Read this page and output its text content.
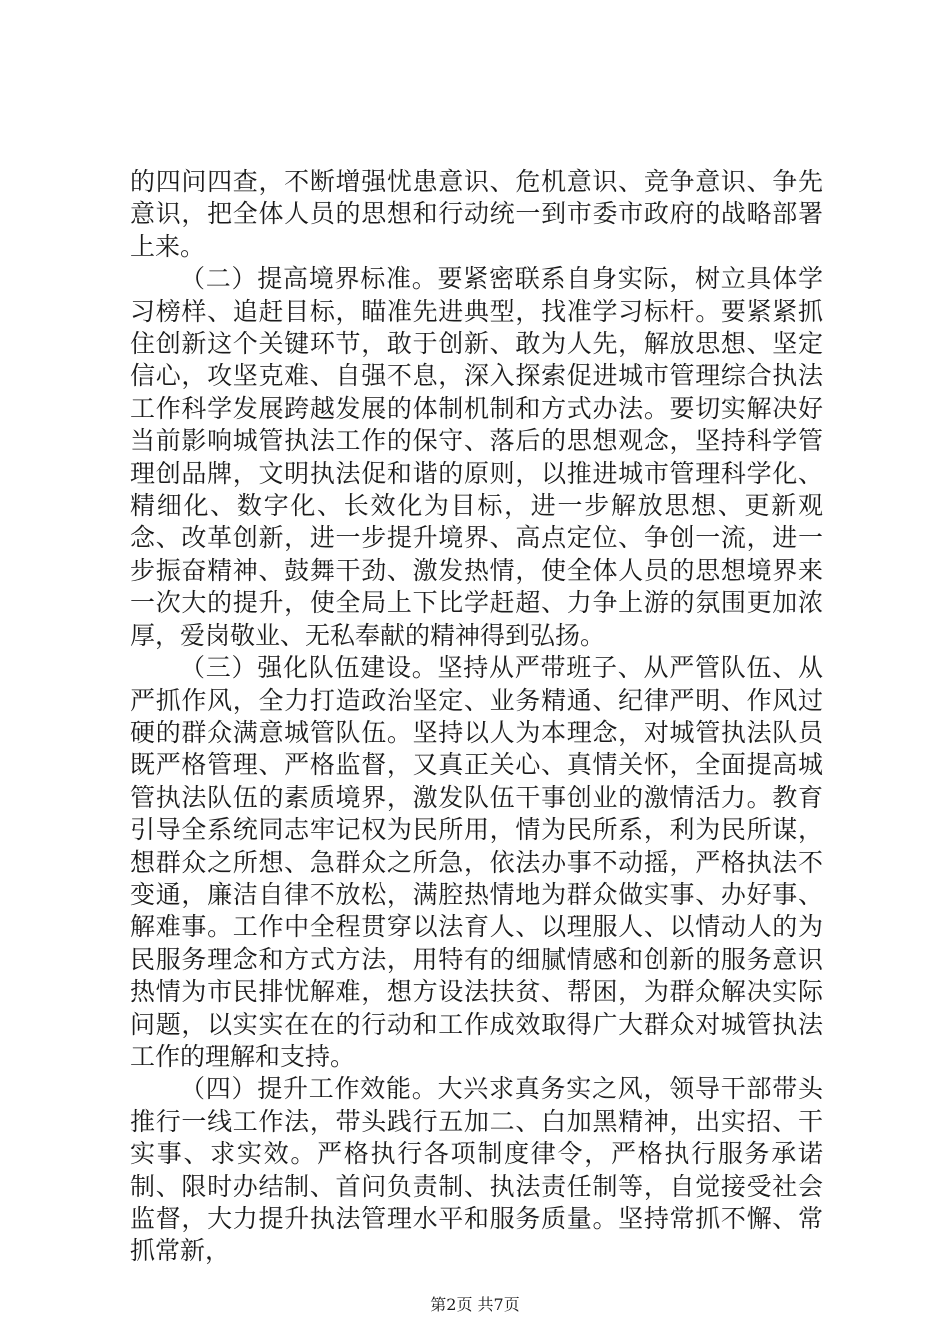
的四问四查，不断增强忧患意识、危机意识、竞争意识、争先意识，把全体人员的思想和行动统一到市委市政府的战略部署上来。

（二）提高境界标准。要紧密联系自身实际，树立具体学习榜样、追赶目标，瞄准先进典型，找准学习标杆。要紧紧抓住创新这个关键环节，敢于创新、敢为人先，解放思想、坚定信心，攻坚克难、自强不息，深入探索促进城市管理综合执法工作科学发展跨越发展的体制机制和方式办法。要切实解决好当前影响城管执法工作的保守、落后的思想观念，坚持科学管理创品牌，文明执法促和谐的原则，以推进城市管理科学化、精细化、数字化、长效化为目标，进一步解放思想、更新观念、改革创新，进一步提升境界、高点定位、争创一流，进一步振奋精神、鼓舞干劲、激发热情，使全体人员的思想境界来一次大的提升，使全局上下比学赶超、力争上游的氛围更加浓厚，爱岗敬业、无私奉献的精神得到弘扬。

（三）强化队伍建设。坚持从严带班子、从严管队伍、从严抓作风，全力打造政治坚定、业务精通、纪律严明、作风过硬的群众满意城管队伍。坚持以人为本理念，对城管执法队员既严格管理、严格监督，又真正关心、真情关怀，全面提高城管执法队伍的素质境界，激发队伍干事创业的激情活力。教育引导全系统同志牢记权为民所用，情为民所系，利为民所谋，想群众之所想、急群众之所急，依法办事不动摇，严格执法不变通，廉洁自律不放松，满腔热情地为群众做实事、办好事、解难事。工作中全程贯穿以法育人、以理服人、以情动人的为民服务理念和方式方法，用特有的细腻情感和创新的服务意识热情为市民排忧解难，想方设法扶贫、帮困，为群众解决实际问题，以实实在在的行动和工作成效取得广大群众对城管执法工作的理解和支持。

（四）提升工作效能。大兴求真务实之风，领导干部带头推行一线工作法，带头践行五加二、白加黑精神，出实招、干实事、求实效。严格执行各项制度律令，严格执行服务承诺制、限时办结制、首问负责制、执法责任制等，自觉接受社会监督，大力提升执法管理水平和服务质量。坚持常抓不懈、常抓常新，

第2页 共7页
